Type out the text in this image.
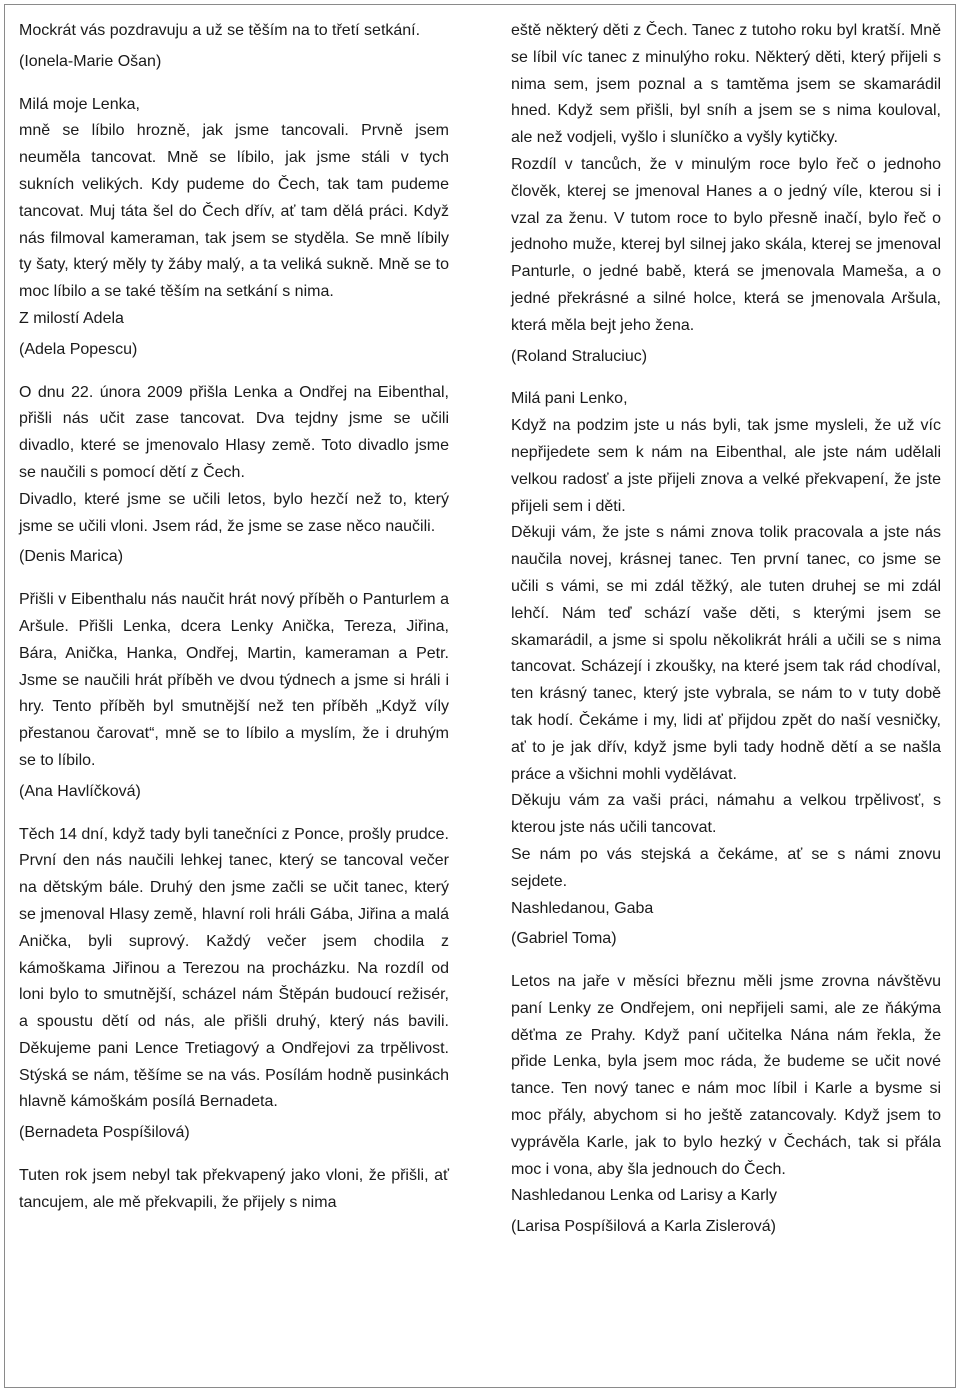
Mockrát vás pozdravuju a už se těším na to třetí setkání.

(Ionela-Marie Ošan)

Milá moje Lenka,

mně se líbilo hrozně, jak jsme tancovali. Prvně jsem neuměla tancovat. Mně se líbilo, jak jsme stáli v tych sukních velikých. Kdy pudeme do Čech, tak tam pudeme tancovat. Muj táta šel do Čech dřív, ať tam dělá práci. Když nás filmoval kameraman, tak jsem se styděla. Se mně líbily ty šaty, který měly ty žáby malý, a ta veliká sukně. Mně se to moc líbilo a se také těším na setkání s nima.

Z milostí Adela

(Adela Popescu)

O dnu 22. února 2009 přišla Lenka a Ondřej na Eibenthal, přišli nás učit zase tancovat. Dva tejdny jsme se učili divadlo, které se jmenovalo Hlasy země. Toto divadlo jsme se naučili s pomocí dětí z Čech.

Divadlo, které jsme se učili letos, bylo hezčí než to, který jsme se učili vloni. Jsem rád, že jsme se zase něco naučili.

(Denis Marica)

Přišli v Eibenthalu nás naučit hrát nový příběh o Panturlem a Aršule. Přišli Lenka, dcera Lenky Anička, Tereza, Jiřina, Bára, Anička, Hanka, Ondřej, Martin, kameraman a Petr. Jsme se naučili hrát příběh ve dvou týdnech a jsme si hráli i hry. Tento příběh byl smutnější než ten příběh „Když víly přestanou čarovat“, mně se to líbilo a myslím, že i druhým se to líbilo.

(Ana Havlíčková)

Těch 14 dní, když tady byli tanečníci z Ponce, prošly prudce. První den nás naučili lehkej tanec, který se tancoval večer na dětským bále. Druhý den jsme začli se učit tanec, který se jmenoval Hlasy země, hlavní roli hráli Gába, Jiřina a malá Anička, byli suprový. Každý večer jsem chodila z kámoškama Jiřinou a Terezou na procházku. Na rozdíl od loni bylo to smutnější, scházel nám Štěpán budoucí režisér, a spoustu dětí od nás, ale přišli druhý, který nás bavili. Děkujeme pani Lence Tretiagový a Ondřejovi za trpělivost. Stýská se nám, těšíme se na vás. Posílám hodně pusinkách hlavně kámoškám posílá Bernadeta.

(Bernadeta Pospíšilová)

Tuten rok jsem nebyl tak překvapený jako vloni, že přišli, ať tancujem, ale mě překvapili, že přijely s nima

eště některý děti z Čech. Tanec z tutoho roku byl kratší. Mně se líbil víc tanec z minulýho roku. Některý děti, který přijeli s nima sem, jsem poznal a s tamtěma jsem se skamarádil hned. Když sem přišli, byl sníh a jsem se s nima kouloval, ale než vodjeli, vyšlo i sluníčko a vyšly kytičky.

Rozdíl v tancůch, že v minulým roce bylo řeč o jednoho člověk, kterej se jmenoval Hanes a o jedný víle, kterou si i vzal za ženu. V tutom roce to bylo přesně inačí, bylo řeč o jednoho muže, kterej byl silnej jako skála, kterej se jmenoval Panturle, o jedné babě, která se jmenovala Mameša, a o jedné překrásné a silné holce, která se jmenovala Aršula, která měla bejt jeho žena.

(Roland Straluciuc)

Milá pani Lenko,

Když na podzim jste u nás byli, tak jsme mysleli, že už víc nepřijedete sem k nám na Eibenthal, ale jste nám udělali velkou radosť a jste přijeli znova a velké překvapení, že jste přijeli sem i děti.

Děkuji vám, že jste s námi znova tolik pracovala a jste nás naučila novej, krásnej tanec. Ten první tanec, co jsme se učili s vámi, se mi zdál těžký, ale tuten druhej se mi zdál lehčí. Nám teď schází vaše děti, s kterými jsem se skamarádil, a jsme si spolu několikrát hráli a učili se s nima tancovat. Scházejí i zkoušky, na které jsem tak rád chodíval, ten krásný tanec, který jste vybrala, se nám to v tuty době tak hodí. Čekáme i my, lidi ať přijdou zpět do naší vesničky, ať to je jak dřív, když jsme byli tady hodně dětí a se našla práce a všichni mohli vydělávat.

Děkuju vám za vaši práci, námahu a velkou trpělivosť, s kterou jste nás učili tancovat.

Se nám po vás stejská a čekáme, ať se s námi znovu sejdete.

Nashledanou, Gaba

(Gabriel Toma)

Letos na jaře v měsíci březnu měli jsme zrovna návštěvu paní Lenky ze Ondřejem, oni nepřijeli sami, ale ze ňákýma děťma ze Prahy. Když paní učitelka Nána nám řekla, že přide Lenka, byla jsem moc ráda, že budeme se učit nové tance. Ten nový tanec e nám moc líbil i Karle a bysme si moc přály, abychom si ho ještě zatancovaly. Když jsem to vyprávěla Karle, jak to bylo hezký v Čechách, tak si přála moc i vona, aby šla jednouch do Čech.

Nashledanou Lenka od Larisy a Karly

(Larisa Pospíšilová a Karla Zislerová)
